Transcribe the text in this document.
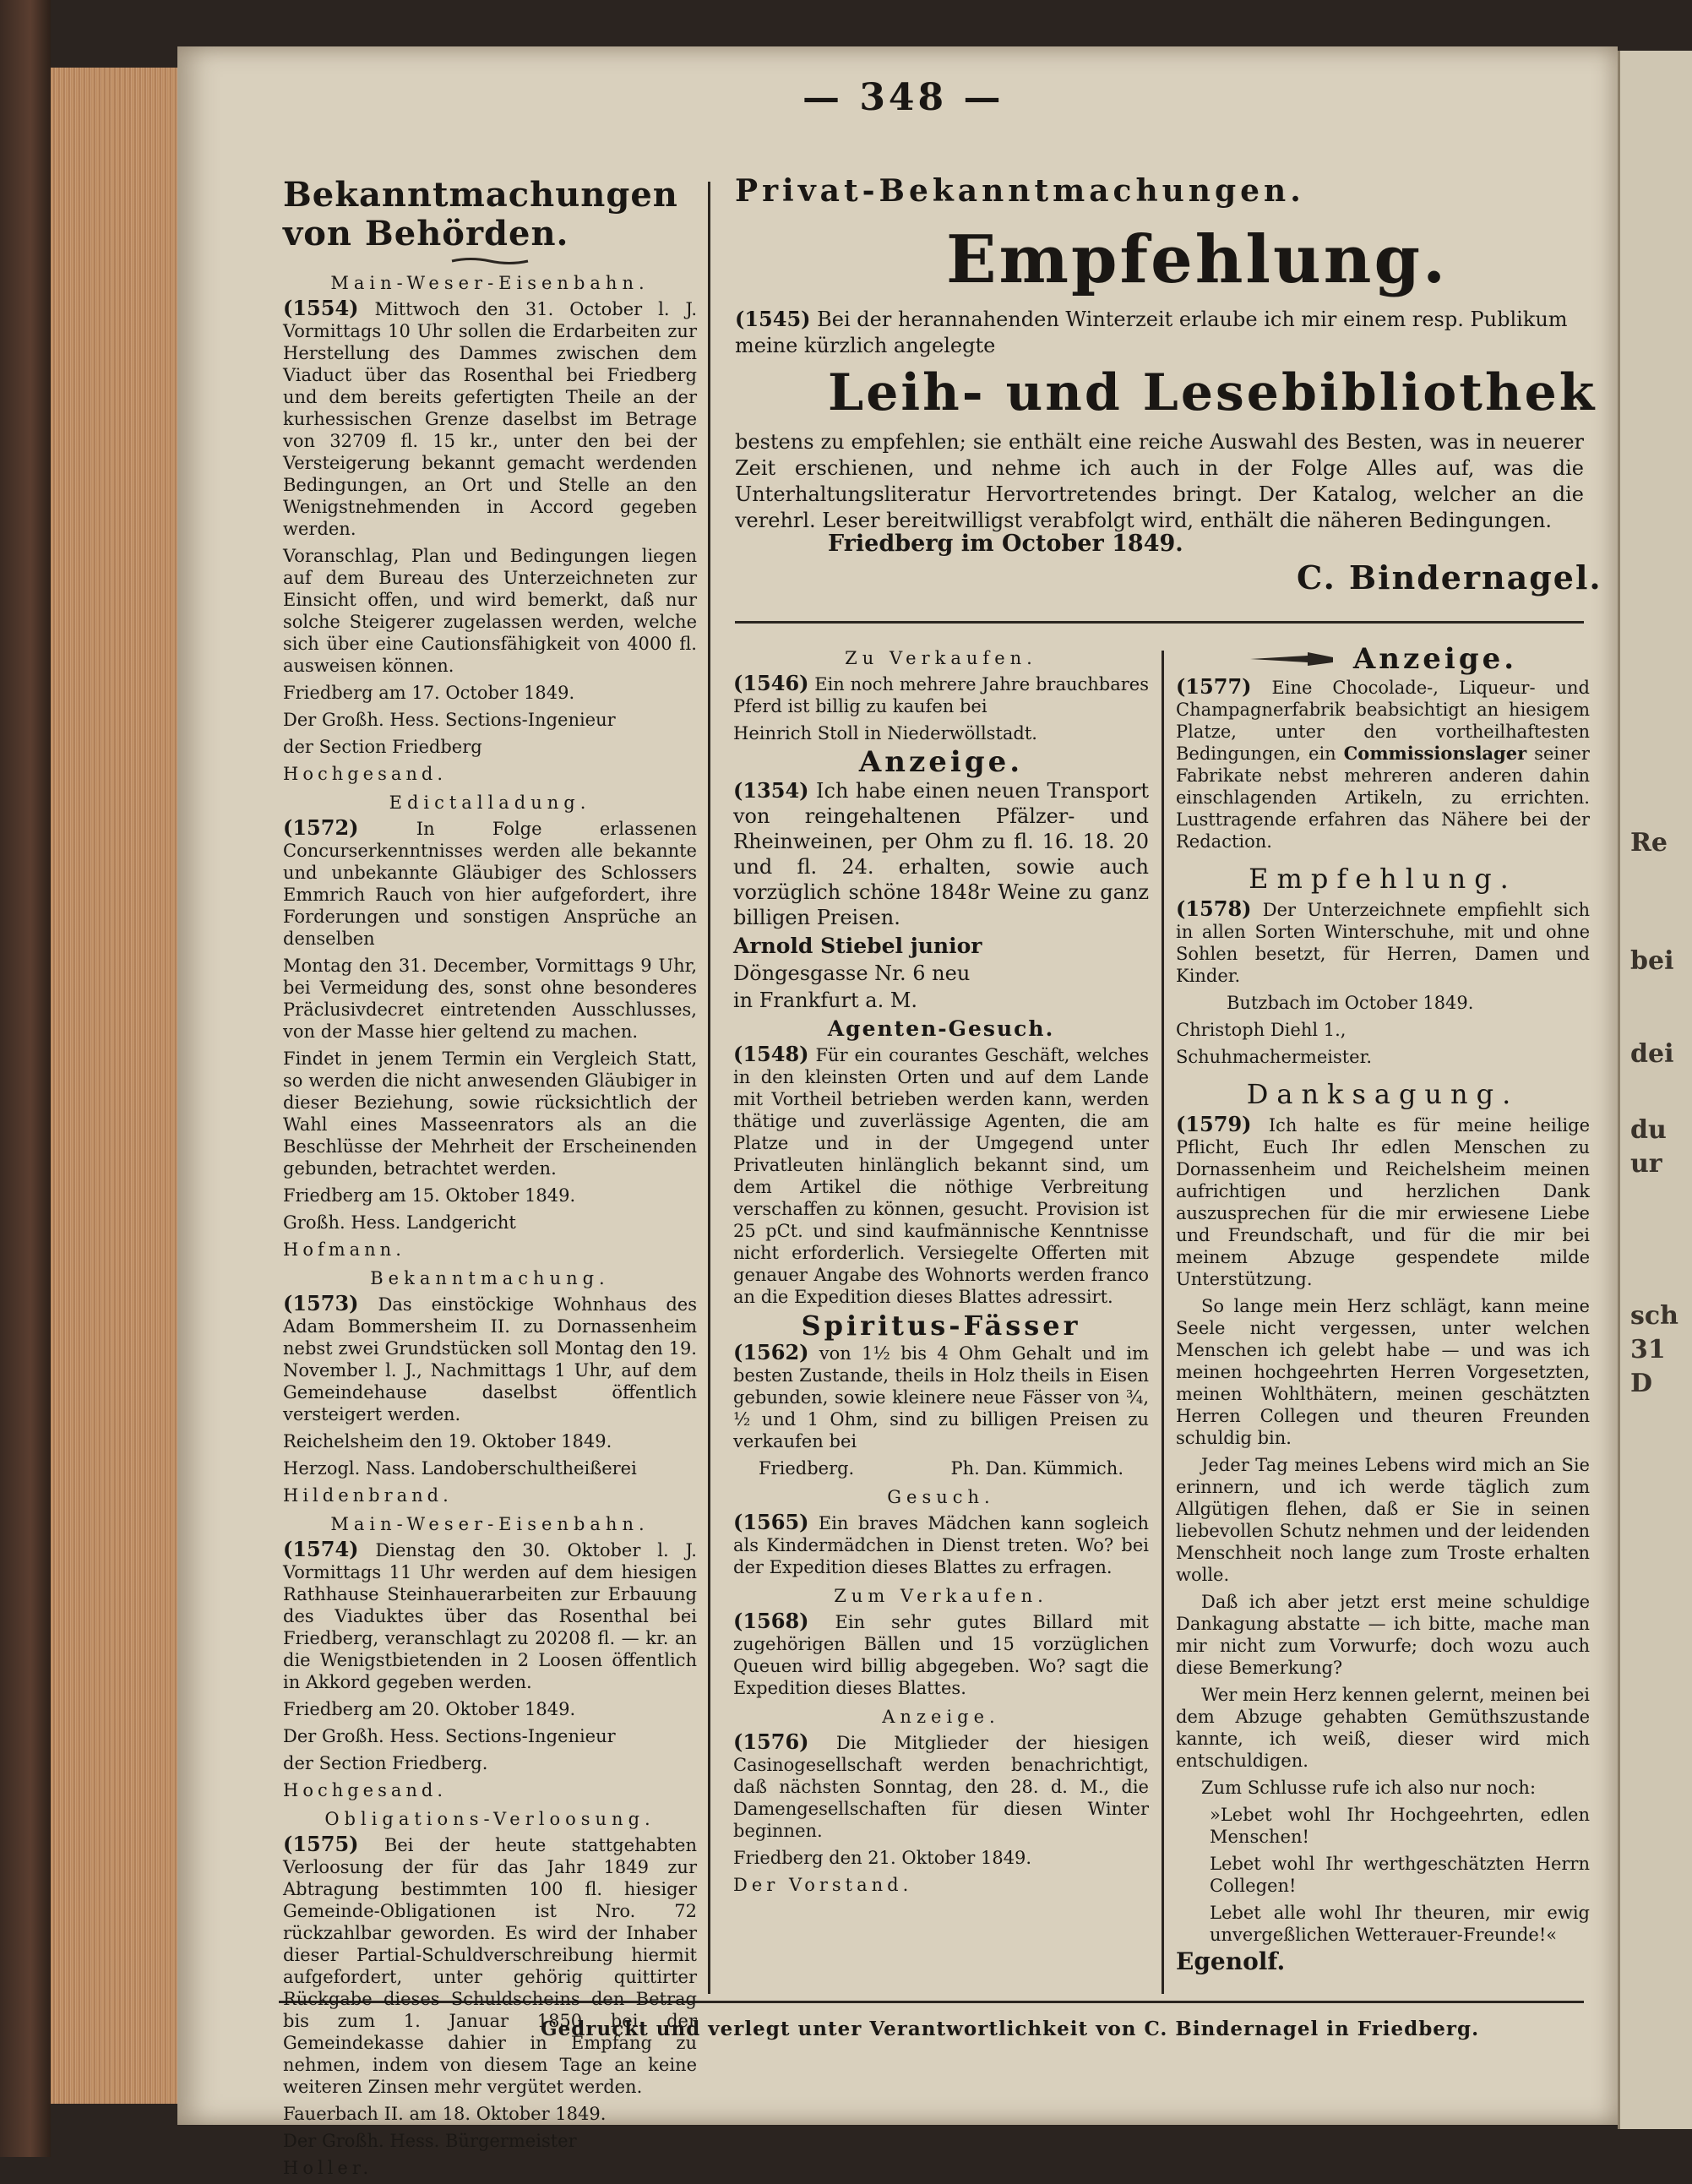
Re
bei
dei
du
ur
sch
31
D
— 348 —
Bekanntmachungen von Behörden.
Main-Weser-Eisenbahn.

(1554) Mittwoch den 31. October l. J. Vormittags 10 Uhr sollen die Erdarbeiten zur Herstellung des Dammes zwischen dem Viaduct über das Rosenthal bei Friedberg und dem bereits gefertigten Theile an der kurhessischen Grenze daselbst im Betrage von 32709 fl. 15 kr., unter den bei der Versteigerung bekannt gemacht werdenden Bedingungen, an Ort und Stelle an den Wenigstnehmenden in Accord gegeben werden.

Voranschlag, Plan und Bedingungen liegen auf dem Bureau des Unterzeichneten zur Einsicht offen, und wird bemerkt, daß nur solche Steigerer zugelassen werden, welche sich über eine Cautionsfähigkeit von 4000 fl. ausweisen können.

Friedberg am 17. October 1849.

Der Großh. Hess. Sections-Ingenieur

der Section Friedberg

Hochgesand.

Edictalladung.

(1572)	In Folge erlassenen Concurserkenntnisses werden alle bekannte und unbekannte Gläubiger des Schlossers Emmrich Rauch von hier aufgefordert, ihre Forderungen und sonstigen Ansprüche an denselben

Montag den 31. December, Vormittags 9 Uhr, bei Vermeidung des, sonst ohne besonderes Präclusivdecret eintretenden Ausschlusses, von der Masse hier geltend zu machen.

Findet in jenem Termin ein Vergleich Statt, so werden die nicht anwesenden Gläubiger in dieser Beziehung, sowie rücksichtlich der Wahl eines Masseenrators als an die Beschlüsse der Mehrheit der Erscheinenden gebunden, betrachtet werden.

Friedberg am 15. Oktober 1849.

Großh. Hess. Landgericht

Hofmann.

Bekanntmachung.

(1573) Das einstöckige Wohnhaus des Adam Bommersheim II. zu Dornassenheim nebst zwei Grundstücken soll Montag den 19. November l. J., Nachmittags 1 Uhr, auf dem Gemeindehause daselbst öffentlich versteigert werden.

Reichelsheim den 19. Oktober 1849.

Herzogl. Nass. Landoberschultheißerei

Hildenbrand.

Main-Weser-Eisenbahn.

(1574) Dienstag den 30. Oktober l. J. Vormittags 11 Uhr werden auf dem hiesigen Rathhause Steinhauerarbeiten zur Erbauung des Viaduktes über das Rosenthal bei Friedberg, veranschlagt zu 20208 fl. — kr. an die Wenigstbietenden in 2 Loosen öffentlich in Akkord gegeben werden.

Friedberg am 20. Oktober 1849.

Der Großh. Hess. Sections-Ingenieur

der Section Friedberg.

Hochgesand.

Obligations-Verloosung.

(1575) Bei der heute stattgehabten Verloosung der für das Jahr 1849 zur Abtragung bestimmten 100 fl. hiesiger Gemeinde-Obligationen ist Nro. 72 rückzahlbar geworden. Es wird der Inhaber dieser Partial-Schuldverschreibung hiermit aufgefordert, unter gehörig quittirter Rückgabe dieses Schuldscheins den Betrag bis zum 1. Januar 1850 bei der Gemeindekasse dahier in Empfang zu nehmen, indem von diesem Tage an keine weiteren Zinsen mehr vergütet werden.

Fauerbach II. am 18. Oktober 1849.

Der Großh. Hess. Bürgermeister

Holler.

Privat-Bekanntmachungen.
Empfehlung.
(1545) Bei der herannahenden Winterzeit erlaube ich mir einem resp. Publikum meine kürzlich angelegte
Leih- und Lesebibliothek
bestens zu empfehlen; sie enthält eine reiche Auswahl des Besten, was in neuerer Zeit erschienen, und nehme ich auch in der Folge Alles auf, was die Unterhaltungsliteratur Hervortretendes bringt. Der Katalog, welcher an die verehrl. Leser bereitwilligst verabfolgt wird, enthält die näheren Bedingungen.
Friedberg im October 1849.
C. Bindernagel.
Zu Verkaufen.

(1546) Ein noch mehrere Jahre brauchbares Pferd ist billig zu kaufen bei

Heinrich Stoll in Niederwöllstadt.

Anzeige.

(1354) Ich habe einen neuen Transport von reingehaltenen Pfälzer- und Rheinweinen, per Ohm zu fl. 16. 18. 20 und fl. 24. erhalten, sowie auch vorzüglich schöne 1848r Weine zu ganz billigen Preisen.

Arnold Stiebel junior

Döngesgasse Nr. 6 neu

in Frankfurt a. M.

Agenten-Gesuch.

(1548) Für ein courantes Geschäft, welches in den kleinsten Orten und auf dem Lande mit Vortheil betrieben werden kann, werden thätige und zuverlässige Agenten, die am Platze und in der Umgegend unter Privatleuten hinlänglich bekannt sind, um dem Artikel die nöthige Verbreitung verschaffen zu können, gesucht. Provision ist 25 pCt. und sind kaufmännische Kenntnisse nicht erforderlich. Versiegelte Offerten mit genauer Angabe des Wohnorts werden franco an die Expedition dieses Blattes adressirt.

Spiritus-Fässer

(1562) von 1½ bis 4 Ohm Gehalt und im besten Zustande, theils in Holz theils in Eisen gebunden, sowie kleinere neue Fässer von ¾, ½ und 1 Ohm, sind zu billigen Preisen zu verkaufen bei

Friedberg.	Ph. Dan. Kümmich.

Gesuch.

(1565) Ein braves Mädchen kann sogleich als Kindermädchen in Dienst treten. Wo? bei der Expedition dieses Blattes zu erfragen.

Zum Verkaufen.

(1568) Ein sehr gutes Billard mit zugehörigen Bällen und 15 vorzüglichen Queuen wird billig abgegeben. Wo? sagt die Expedition dieses Blattes.

Anzeige.

(1576) Die Mitglieder der hiesigen Casinogesellschaft werden benachrichtigt, daß nächsten Sonntag, den 28. d. M., die Damengesellschaften für diesen Winter beginnen.

Friedberg den 21. Oktober 1849.

Der Vorstand.

Anzeige.

(1577) Eine Chocolade-, Liqueur- und Champagnerfabrik beabsichtigt an hiesigem Platze, unter den vortheilhaftesten Bedingungen, ein Commissionslager seiner Fabrikate nebst mehreren anderen dahin einschlagenden Artikeln, zu errichten. Lusttragende erfahren das Nähere bei der Redaction.

Empfehlung.

(1578) Der Unterzeichnete empfiehlt sich in allen Sorten Winterschuhe, mit und ohne Sohlen besetzt, für Herren, Damen und Kinder.

Butzbach im October 1849.

Christoph Diehl 1.,

Schuhmachermeister.

Danksagung.

(1579) Ich halte es für meine heilige Pflicht, Euch Ihr edlen Menschen zu Dornassenheim und Reichelsheim meinen aufrichtigen und herzlichen Dank auszusprechen für die mir erwiesene Liebe und Freundschaft, und für die mir bei meinem Abzuge gespendete milde Unterstützung.

So lange mein Herz schlägt, kann meine Seele nicht vergessen, unter welchen Menschen ich gelebt habe — und was ich meinen hochgeehrten Herren Vorgesetzten, meinen Wohlthätern, meinen geschätzten Herren Collegen und theuren Freunden schuldig bin.

Jeder Tag meines Lebens wird mich an Sie erinnern, und ich werde täglich zum Allgütigen flehen, daß er Sie in seinen liebevollen Schutz nehmen und der leidenden Menschheit noch lange zum Troste erhalten wolle.

Daß ich aber jetzt erst meine schuldige Dankagung abstatte — ich bitte, mache man mir nicht zum Vorwurfe; doch wozu auch diese Bemerkung?

Wer mein Herz kennen gelernt, meinen bei dem Abzuge gehabten Gemüthszustande kannte, ich weiß, dieser wird mich entschuldigen.

Zum Schlusse rufe ich also nur noch:

»Lebet wohl Ihr Hochgeehrten, edlen Menschen!

Lebet wohl Ihr werthgeschätzten Herrn Collegen!

Lebet alle wohl Ihr theuren, mir ewig unvergeßlichen Wetterauer-Freunde!«

Egenolf.

Gedruckt und verlegt unter Verantwortlichkeit von C. Bindernagel in Friedberg.
